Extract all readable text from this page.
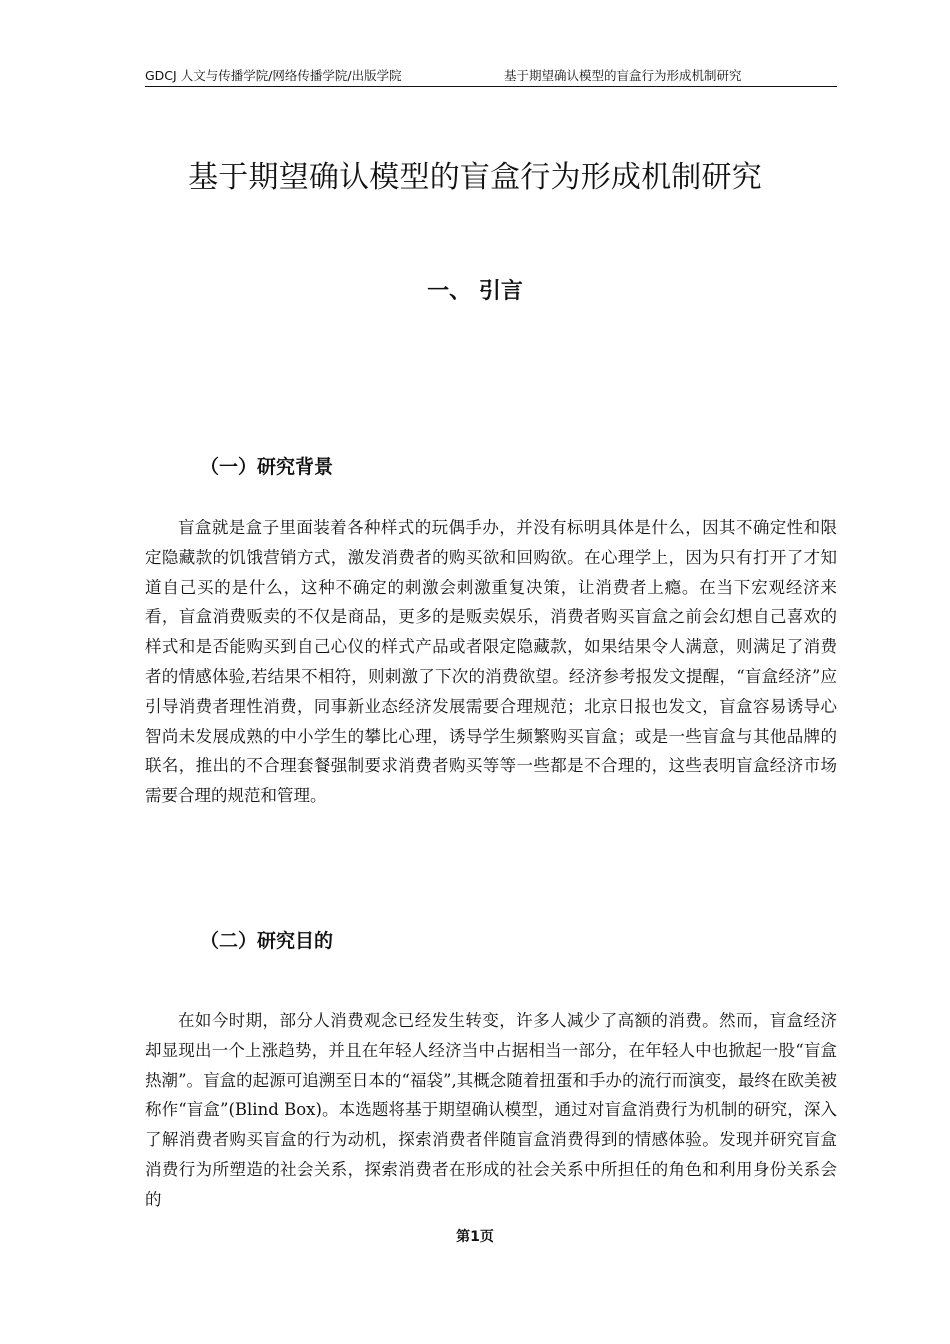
GDCJ 人文与传播学院/网络传播学院/出版学院	基于期望确认模型的盲盒行为形成机制研究
基于期望确认模型的盲盒行为形成机制研究
一、 引言
（一）研究背景

盲盒就是盒子里面装着各种样式的玩偶手办，并没有标明具体是什么，因其不确定性和限定隐藏款的饥饿营销方式，激发消费者的购买欲和回购欲。在心理学上，因为只有打开了才知道自己买的是什么，这种不确定的刺激会刺激重复决策，让消费者上瘾。在当下宏观经济来看，盲盒消费贩卖的不仅是商品，更多的是贩卖娱乐，消费者购买盲盒之前会幻想自己喜欢的样式和是否能购买到自己心仪的样式产品或者限定隐藏款，如果结果令人满意，则满足了消费者的情感体验,若结果不相符，则刺激了下次的消费欲望。经济参考报发文提醒，“盲盒经济”应引导消费者理性消费，同事新业态经济发展需要合理规范；北京日报也发文，盲盒容易诱导心智尚未发展成熟的中小学生的攀比心理，诱导学生频繁购买盲盒；或是一些盲盒与其他品牌的联名，推出的不合理套餐强制要求消费者购买等等一些都是不合理的，这些表明盲盒经济市场需要合理的规范和管理。

（二）研究目的

在如今时期，部分人消费观念已经发生转变，许多人减少了高额的消费。然而，盲盒经济却显现出一个上涨趋势，并且在年轻人经济当中占据相当一部分，在年轻人中也掀起一股“盲盒热潮”。盲盒的起源可追溯至日本的“福袋”,其概念随着扭蛋和手办的流行而演变，最终在欧美被称作“盲盒”(Blind Box)。本选题将基于期望确认模型，通过对盲盒消费行为机制的研究，深入了解消费者购买盲盒的行为动机，探索消费者伴随盲盒消费得到的情感体验。发现并研究盲盒消费行为所塑造的社会关系，探索消费者在形成的社会关系中所担任的角色和利用身份关系会的

第1页
